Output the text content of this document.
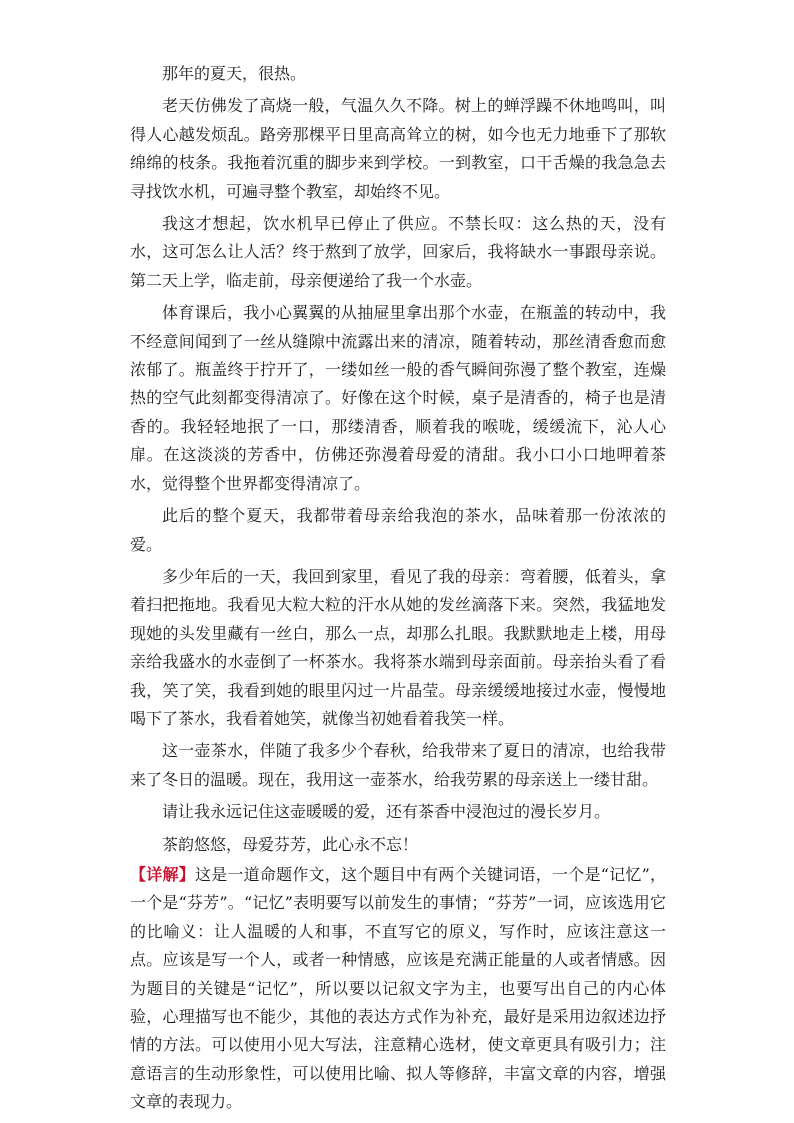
那年的夏天，很热。

老天仿佛发了高烧一般，气温久久不降。树上的蝉浮躁不休地鸣叫，叫得人心越发烦乱。路旁那棵平日里高高耸立的树，如今也无力地垂下了那软绵绵的枝条。我拖着沉重的脚步来到学校。一到教室，口干舌燥的我急急去寻找饮水机，可遍寻整个教室，却始终不见。

我这才想起，饮水机早已停止了供应。不禁长叹：这么热的天，没有水，这可怎么让人活？终于熬到了放学，回家后，我将缺水一事跟母亲说。第二天上学，临走前，母亲便递给了我一个水壶。

体育课后，我小心翼翼的从抽屉里拿出那个水壶，在瓶盖的转动中，我不经意间闻到了一丝从缝隙中流露出来的清凉，随着转动，那丝清香愈而愈浓郁了。瓶盖终于拧开了，一缕如丝一般的香气瞬间弥漫了整个教室，连燥热的空气此刻都变得清凉了。好像在这个时候，桌子是清香的，椅子也是清香的。我轻轻地抿了一口，那缕清香，顺着我的喉咙，缓缓流下，沁人心扉。在这淡淡的芳香中，仿佛还弥漫着母爱的清甜。我小口小口地呷着茶水，觉得整个世界都变得清凉了。

此后的整个夏天，我都带着母亲给我泡的茶水，品味着那一份浓浓的爱。

多少年后的一天，我回到家里，看见了我的母亲：弯着腰，低着头，拿着扫把拖地。我看见大粒大粒的汗水从她的发丝滴落下来。突然，我猛地发现她的头发里藏有一丝白，那么一点，却那么扎眼。我默默地走上楼，用母亲给我盛水的水壶倒了一杯茶水。我将茶水端到母亲面前。母亲抬头看了看我，笑了笑，我看到她的眼里闪过一片晶莹。母亲缓缓地接过水壶，慢慢地喝下了茶水，我看着她笑，就像当初她看着我笑一样。

这一壶茶水，伴随了我多少个春秋，给我带来了夏日的清凉，也给我带来了冬日的温暖。现在，我用这一壶茶水，给我劳累的母亲送上一缕甘甜。

请让我永远记住这壶暖暖的爱，还有茶香中浸泡过的漫长岁月。

茶韵悠悠，母爱芬芳，此心永不忘！

【详解】这是一道命题作文，这个题目中有两个关键词语，一个是“记忆”，一个是“芬芳”。“记忆”表明要写以前发生的事情；“芬芳”一词，应该选用它的比喻义：让人温暖的人和事，不直写它的原义，写作时，应该注意这一点。应该是写一个人，或者一种情感，应该是充满正能量的人或者情感。因为题目的关键是“记忆”，所以要以记叙文字为主，也要写出自己的内心体验，心理描写也不能少，其他的表达方式作为补充，最好是采用边叙述边抒情的方法。可以使用小见大写法，注意精心选材，使文章更具有吸引力；注意语言的生动形象性，可以使用比喻、拟人等修辞，丰富文章的内容，增强文章的表现力。
